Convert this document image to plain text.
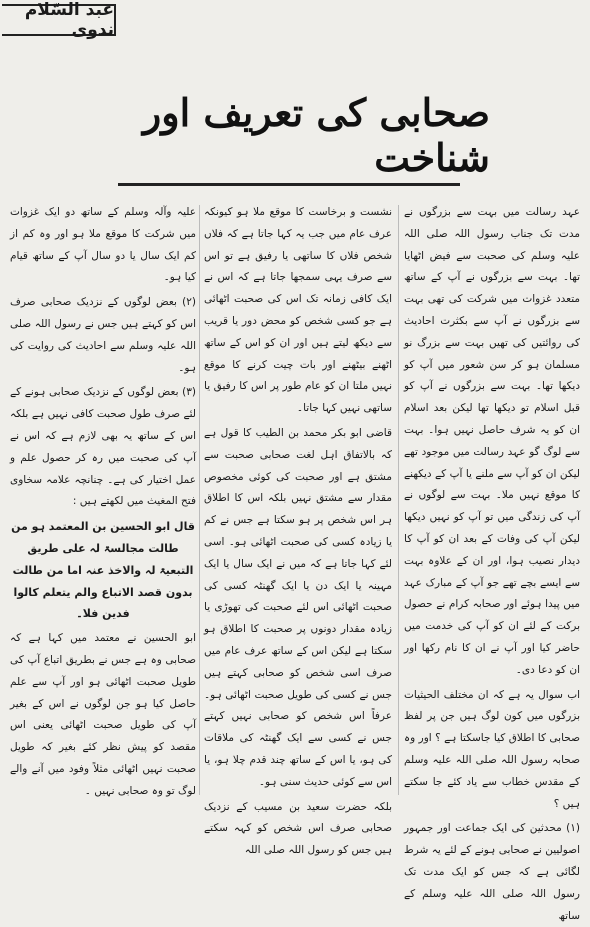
عبد السّلام ندوی
صحابی کی تعریف اور شناخت

عہد رسالت میں بہت سے بزرگوں نے مدت تک جناب رسول اللہ صلی اللہ علیہ وسلم کی صحبت سے فیض اٹھایا تھا۔ بہت سے بزرگوں نے آپ کے ساتھ متعدد غزوات میں شرکت کی تھی بہت سے بزرگوں نے آپ سے بکثرت احادیث کی روائتیں کی تھیں بہت سے بزرگ نو مسلمان ہو کر سن شعور میں آپ کو دیکھا تھا۔ بہت سے بزرگوں نے آپ کو قبل اسلام تو دیکھا تھا لیکن بعد اسلام ان کو یہ شرف حاصل نہیں ہوا۔ بہت سے لوگ گو عہد رسالت میں موجود تھے لیکن ان کو آپ سے ملنے یا آپ کے دیکھنے کا موقع نہیں ملا۔ بہت سے لوگوں نے آپ کی زندگی میں تو آپ کو نہیں دیکھا لیکن آپ کی وفات کے بعد ان کو آپ کا دیدار نصیب ہوا، اور ان کے علاوہ بہت سے ایسے بچے تھے جو آپ کے مبارک عہد میں پیدا ہوئے اور صحابہ کرام نے حصول برکت کے لئے ان کو آپ کی خدمت میں حاضر کیا اور آپ نے ان کا نام رکھا اور ان کو دعا دی۔

اب سوال یہ ہے کہ ان مختلف الحیثیات بزرگوں میں کون لوگ ہیں جن پر لفظ صحابی کا اطلاق کیا جاسکتا ہے ؟ اور وہ صحابہ رسول اللہ صلی اللہ علیہ وسلم کے مقدس خطاب سے یاد کئے جا سکتے ہیں ؟

(۱) محدثین کی ایک جماعت اور جمہور اصولیین نے صحابی ہونے کے لئے یہ شرط لگائی ہے کہ جس کو ایک مدت تک رسول اللہ صلی اللہ علیہ وسلم کے ساتھ

نشست و برخاست کا موقع ملا ہو کیونکہ عرف عام میں جب یہ کہا جاتا ہے کہ فلاں شخص فلاں کا ساتھی یا رفیق ہے تو اس سے صرف یہی سمجھا جاتا ہے کہ اس نے ایک کافی زمانہ تک اس کی صحبت اٹھائی ہے جو کسی شخص کو محض دور یا قریب سے دیکھ لیتے ہیں اور ان کو اس کے ساتھ اٹھنے بیٹھنے اور بات چیت کرنے کا موقع نہیں ملتا ان کو عام طور پر اس کا رفیق یا ساتھی نہیں کہا جاتا۔

قاضی ابو بکر محمد بن الطیب کا قول ہے کہ بالاتفاق اہل لغت صحابی صحبت سے مشتق ہے اور صحبت کی کوئی مخصوص مقدار سے مشتق نہیں بلکہ اس کا اطلاق ہر اس شخص پر ہو سکتا ہے جس نے کم یا زیادہ کسی کی صحبت اٹھائی ہو۔ اسی لئے کہا جاتا ہے کہ میں نے ایک سال یا ایک مہینہ یا ایک دن یا ایک گھنٹہ کسی کی صحبت اٹھائی اس لئے صحبت کی تھوڑی یا زیادہ مقدار دونوں پر صحبت کا اطلاق ہو سکتا ہے لیکن اس کے ساتھ عرف عام میں صرف اسی شخص کو صحابی کہتے ہیں جس نے کسی کی طویل صحبت اٹھائی ہو۔ عرفاً اس شخص کو صحابی نہیں کہتے جس نے کسی سے ایک گھنٹہ کی ملاقات کی ہو، یا اس کے ساتھ چند قدم چلا ہو، یا اس سے کوئی حدیث سنی ہو۔

بلکہ حضرت سعید بن مسیب کے نزدیک صحابی صرف اس شخص کو کہہ سکتے ہیں جس کو رسول اللہ صلی اللہ

علیہ وآلہ وسلم کے ساتھ دو ایک غزوات میں شرکت کا موقع ملا ہو اور وہ کم از کم ایک سال یا دو سال آپ کے ساتھ قیام کیا ہو۔

(۲) بعض لوگوں کے نزدیک صحابی صرف اس کو کہتے ہیں جس نے رسول اللہ صلی اللہ علیہ وسلم سے احادیث کی روایت کی ہو۔

(۳) بعض لوگوں کے نزدیک صحابی ہونے کے لئے صرف طول صحبت کافی نہیں ہے بلکہ اس کے ساتھ یہ بھی لازم ہے کہ اس نے آپ کی صحبت میں رہ کر حصول علم و عمل اختیار کی ہے۔ چنانچہ علامہ سخاوی فتح المغیث میں لکھتے ہیں :

قال ابو الحسین بن المعتمد ہو من طالت مجالسۃ لہ علی طریق التبعیۃ لہ والاخذ عنہ اما من طالت بدون قصد الاتباع والم یتعلم کالوا فدین فلا۔

ابو الحسین نے معتمد میں کہا ہے کہ صحابی وہ ہے جس نے بطریق اتباع آپ کی طویل صحبت اٹھائی ہو اور آپ سے علم حاصل کیا ہو جن لوگوں نے اس کے بغیر آپ کی طویل صحبت اٹھائی یعنی اس مقصد کو پیش نظر کئے بغیر کہ طویل صحبت نہیں اٹھائی مثلاً وفود میں آنے والے لوگ تو وہ صحابی نہیں ۔
